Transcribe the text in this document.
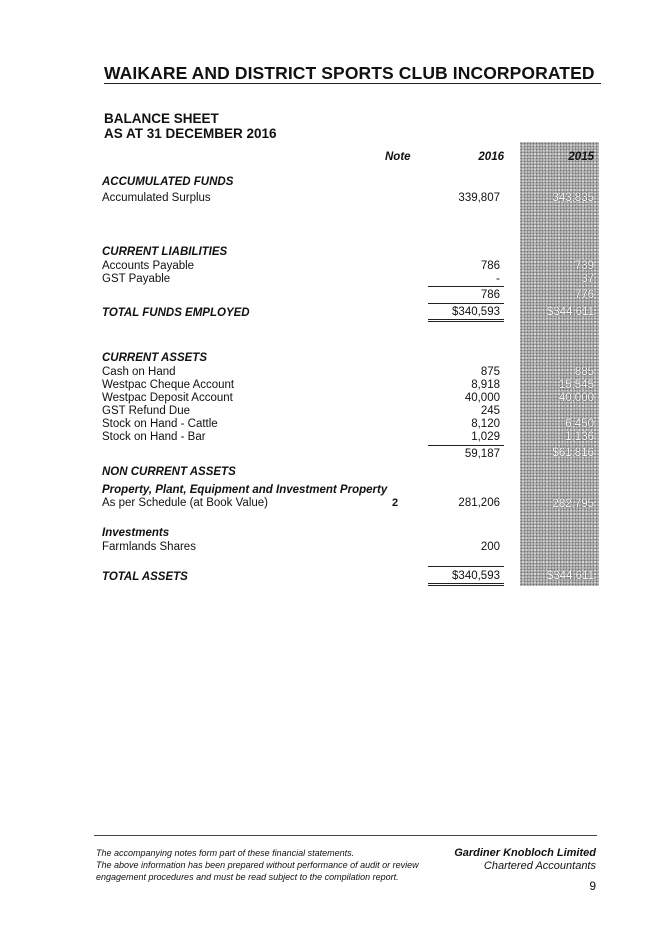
WAIKARE AND DISTRICT SPORTS CLUB INCORPORATED
BALANCE SHEET
AS AT 31 DECEMBER 2016
Note	2016	2015
ACCUMULATED FUNDS
Accumulated Surplus	339,807	343,835
CURRENT LIABILITIES
Accounts Payable	786	739
GST Payable	-	37
786	776
TOTAL FUNDS EMPLOYED	$340,593	$344,611
CURRENT ASSETS
Cash on Hand	875	885
Westpac Cheque Account	8,918	15,545
Westpac Deposit Account	40,000	40,000
GST Refund Due	245
Stock on Hand - Cattle	8,120	6,450
Stock on Hand - Bar	1,029	1,136
59,187	$61,816
NON CURRENT ASSETS
Property, Plant, Equipment and Investment Property
As per Schedule (at Book Value)	2	281,206	282,795
Investments
Farmlands Shares	200
TOTAL ASSETS	$340,593	$344,611
The accompanying notes form part of these financial statements.
The above information has been prepared without performance of audit or review
engagement procedures and must be read subject to the compilation report.
Gardiner Knobloch Limited
Chartered Accountants
9
